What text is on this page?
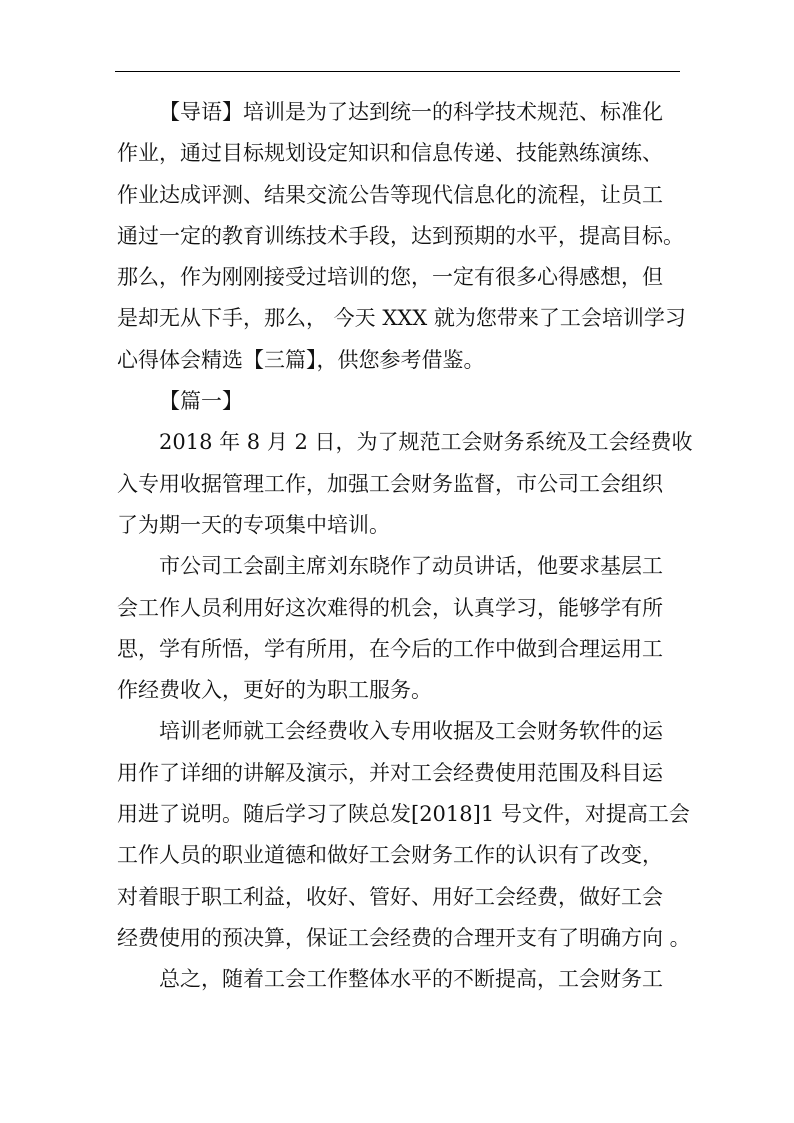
【导语】培训是为了达到统一的科学技术规范、标准化
作业，通过目标规划设定知识和信息传递、技能熟练演练、
作业达成评测、结果交流公告等现代信息化的流程，让员工
通过一定的教育训练技术手段，达到预期的水平，提高目标。
那么，作为刚刚接受过培训的您，一定有很多心得感想，但
是却无从下手，那么， 今天 XXX 就为您带来了工会培训学习
心得体会精选【三篇】，供您参考借鉴。
【篇一】
2018 年 8 月 2 日，为了规范工会财务系统及工会经费收
入专用收据管理工作，加强工会财务监督，市公司工会组织
了为期一天的专项集中培训。
市公司工会副主席刘东晓作了动员讲话，他要求基层工
会工作人员利用好这次难得的机会，认真学习，能够学有所
思，学有所悟，学有所用，在今后的工作中做到合理运用工
作经费收入，更好的为职工服务。
培训老师就工会经费收入专用收据及工会财务软件的运
用作了详细的讲解及演示，并对工会经费使用范围及科目运
用进了说明。随后学习了陕总发[2018]1 号文件，对提高工会
工作人员的职业道德和做好工会财务工作的认识有了改变，
对着眼于职工利益，收好、管好、用好工会经费，做好工会
经费使用的预决算，保证工会经费的合理开支有了明确方向 。
总之，随着工会工作整体水平的不断提高，工会财务工
